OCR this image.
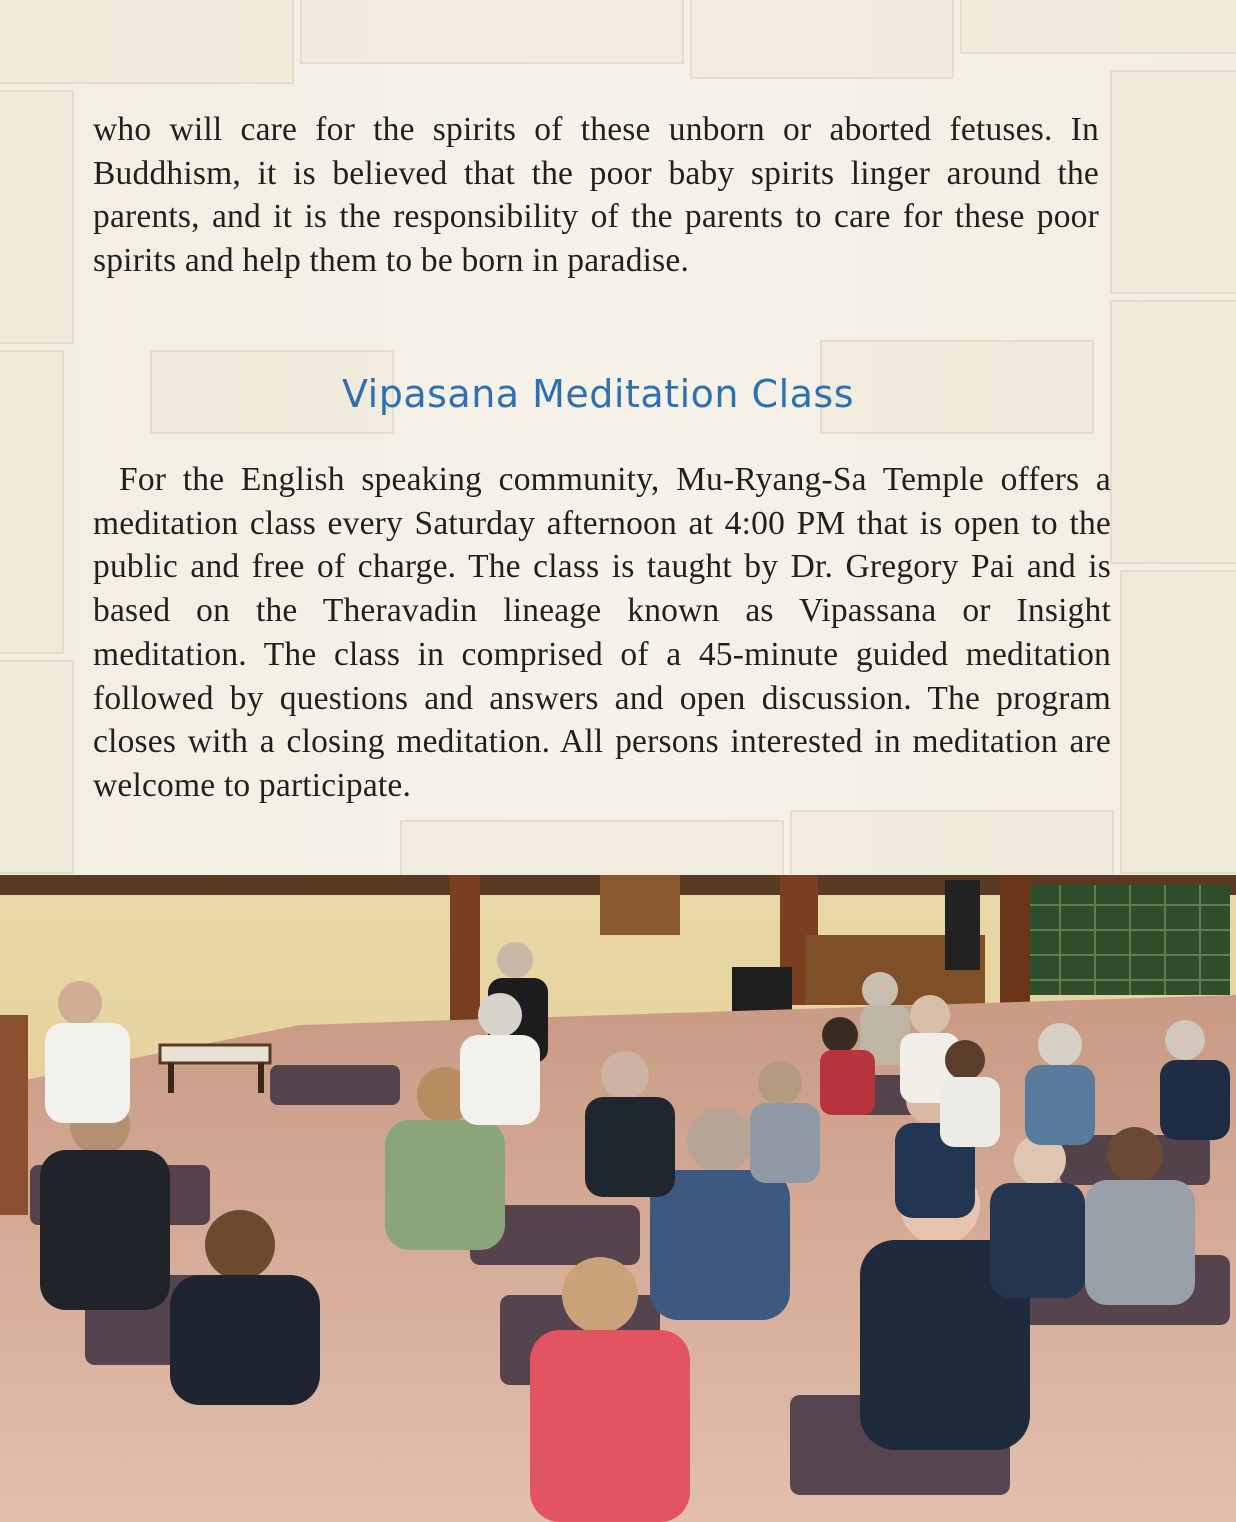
who will care for the spirits of these unborn or aborted fetuses. In Buddhism, it is believed that the poor baby spirits linger around the parents, and it is the responsibility of the parents to care for these poor spirits and help them to be born in paradise.
Vipasana Meditation Class
For the English speaking community, Mu-Ryang-Sa Temple offers a meditation class every Saturday afternoon at 4:00 PM that is open to the public and free of charge. The class is taught by Dr. Gregory Pai and is based on the Theravadin lineage known as Vipassana or Insight meditation. The class in comprised of a 45-minute guided meditation followed by questions and answers and open discussion. The program closes with a closing meditation. All persons interested in meditation are welcome to participate.
